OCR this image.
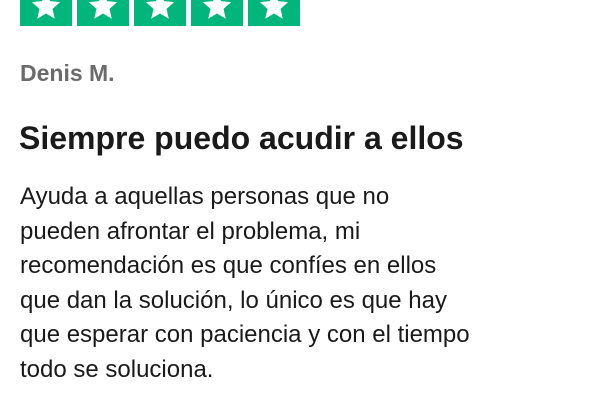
Denis M.
Siempre puedo acudir a ellos
Ayuda a aquellas personas que no
pueden afrontar el problema, mi
recomendación es que confíes en ellos
que dan la solución, lo único es que hay
que esperar con paciencia y con el tiempo
todo se soluciona.
